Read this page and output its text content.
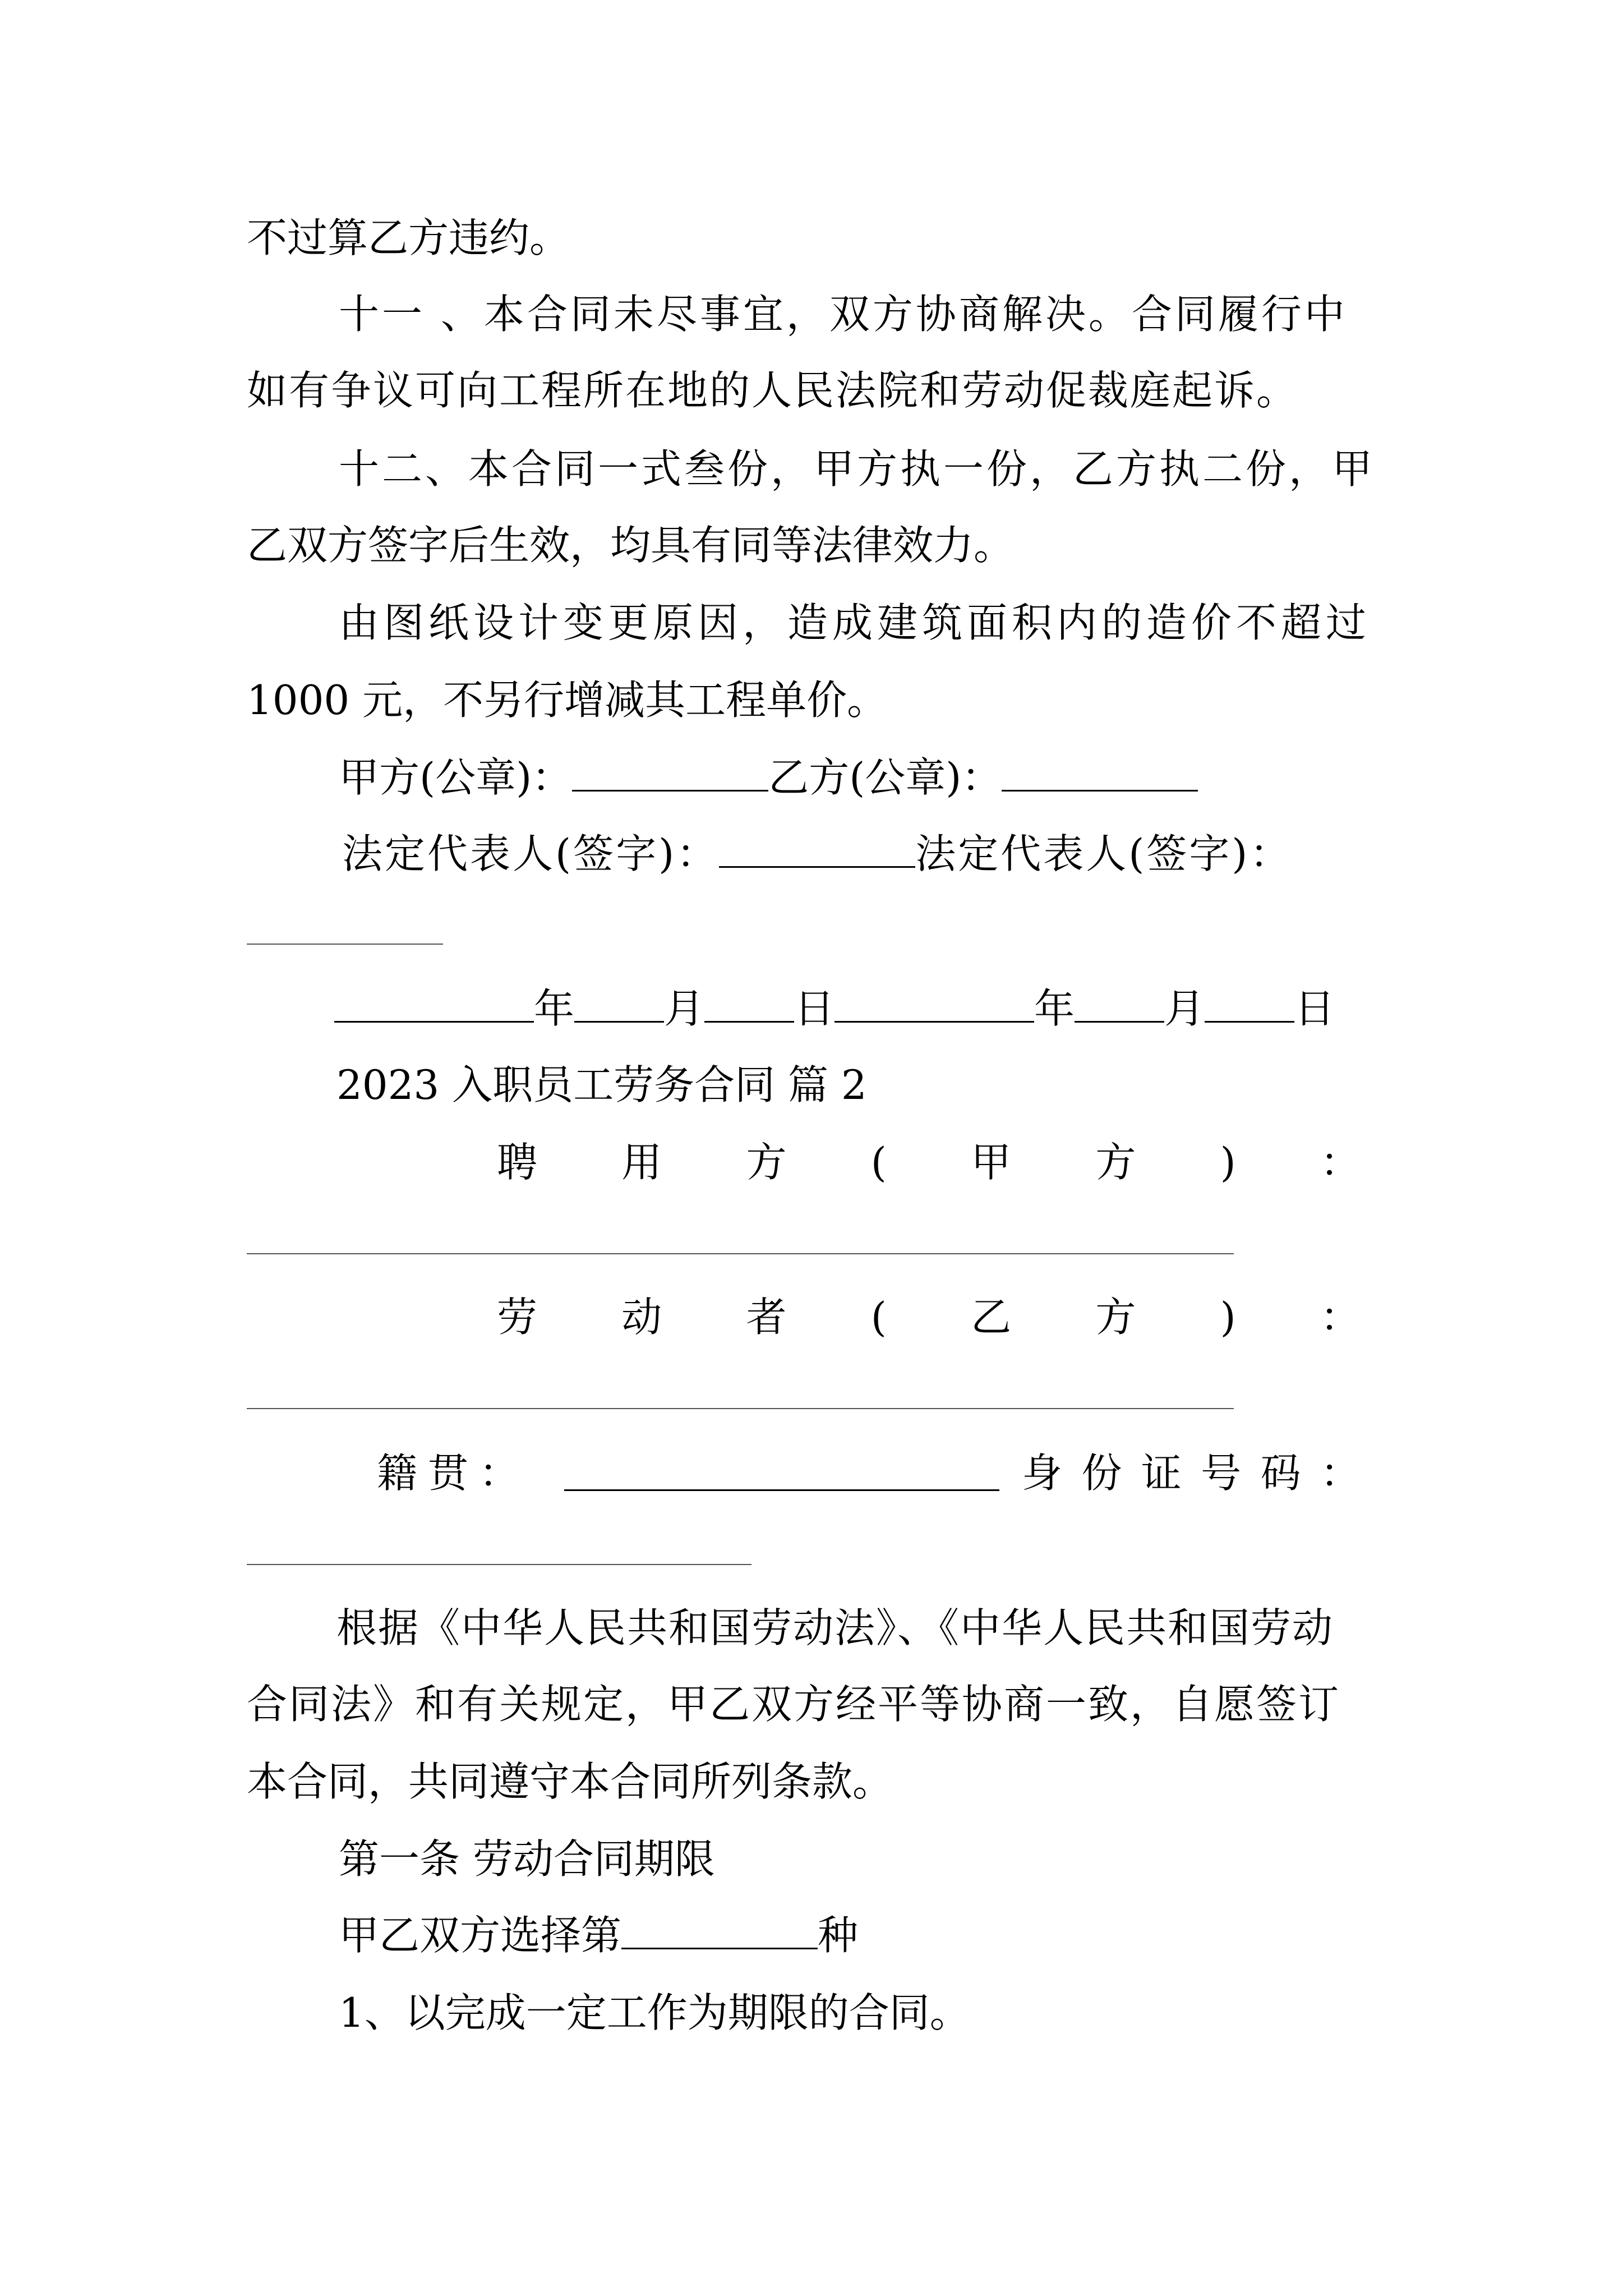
不过算乙方违约。
十一 、本合同未尽事宜，双方协商解决。合同履行中
如有争议可向工程所在地的人民法院和劳动促裁庭起诉。
十二、本合同一式叁份，甲方执一份，乙方执二份，甲
乙双方签字后生效，均具有同等法律效力。
由图纸设计变更原因，造成建筑面积内的造价不超过
1000 元，不另行增减其工程单价。
甲方(公章)：	乙方(公章)：
法定代表人(签字)：	法定代表人(签字)：
年 月 日	年 月 日
2023 入职员工劳务合同 篇 2
聘 用 方 ( 甲 方 ) ：
劳 动 者 ( 乙 方 ) ：
籍 贯 ：	身 份 证 号 码 ：
根据《中华人民共和国劳动法》、《中华人民共和国劳动
合同法》和有关规定，甲乙双方经平等协商一致，自愿签订
本合同，共同遵守本合同所列条款。
第一条 劳动合同期限
甲乙双方选择第	种
1、以完成一定工作为期限的合同。
